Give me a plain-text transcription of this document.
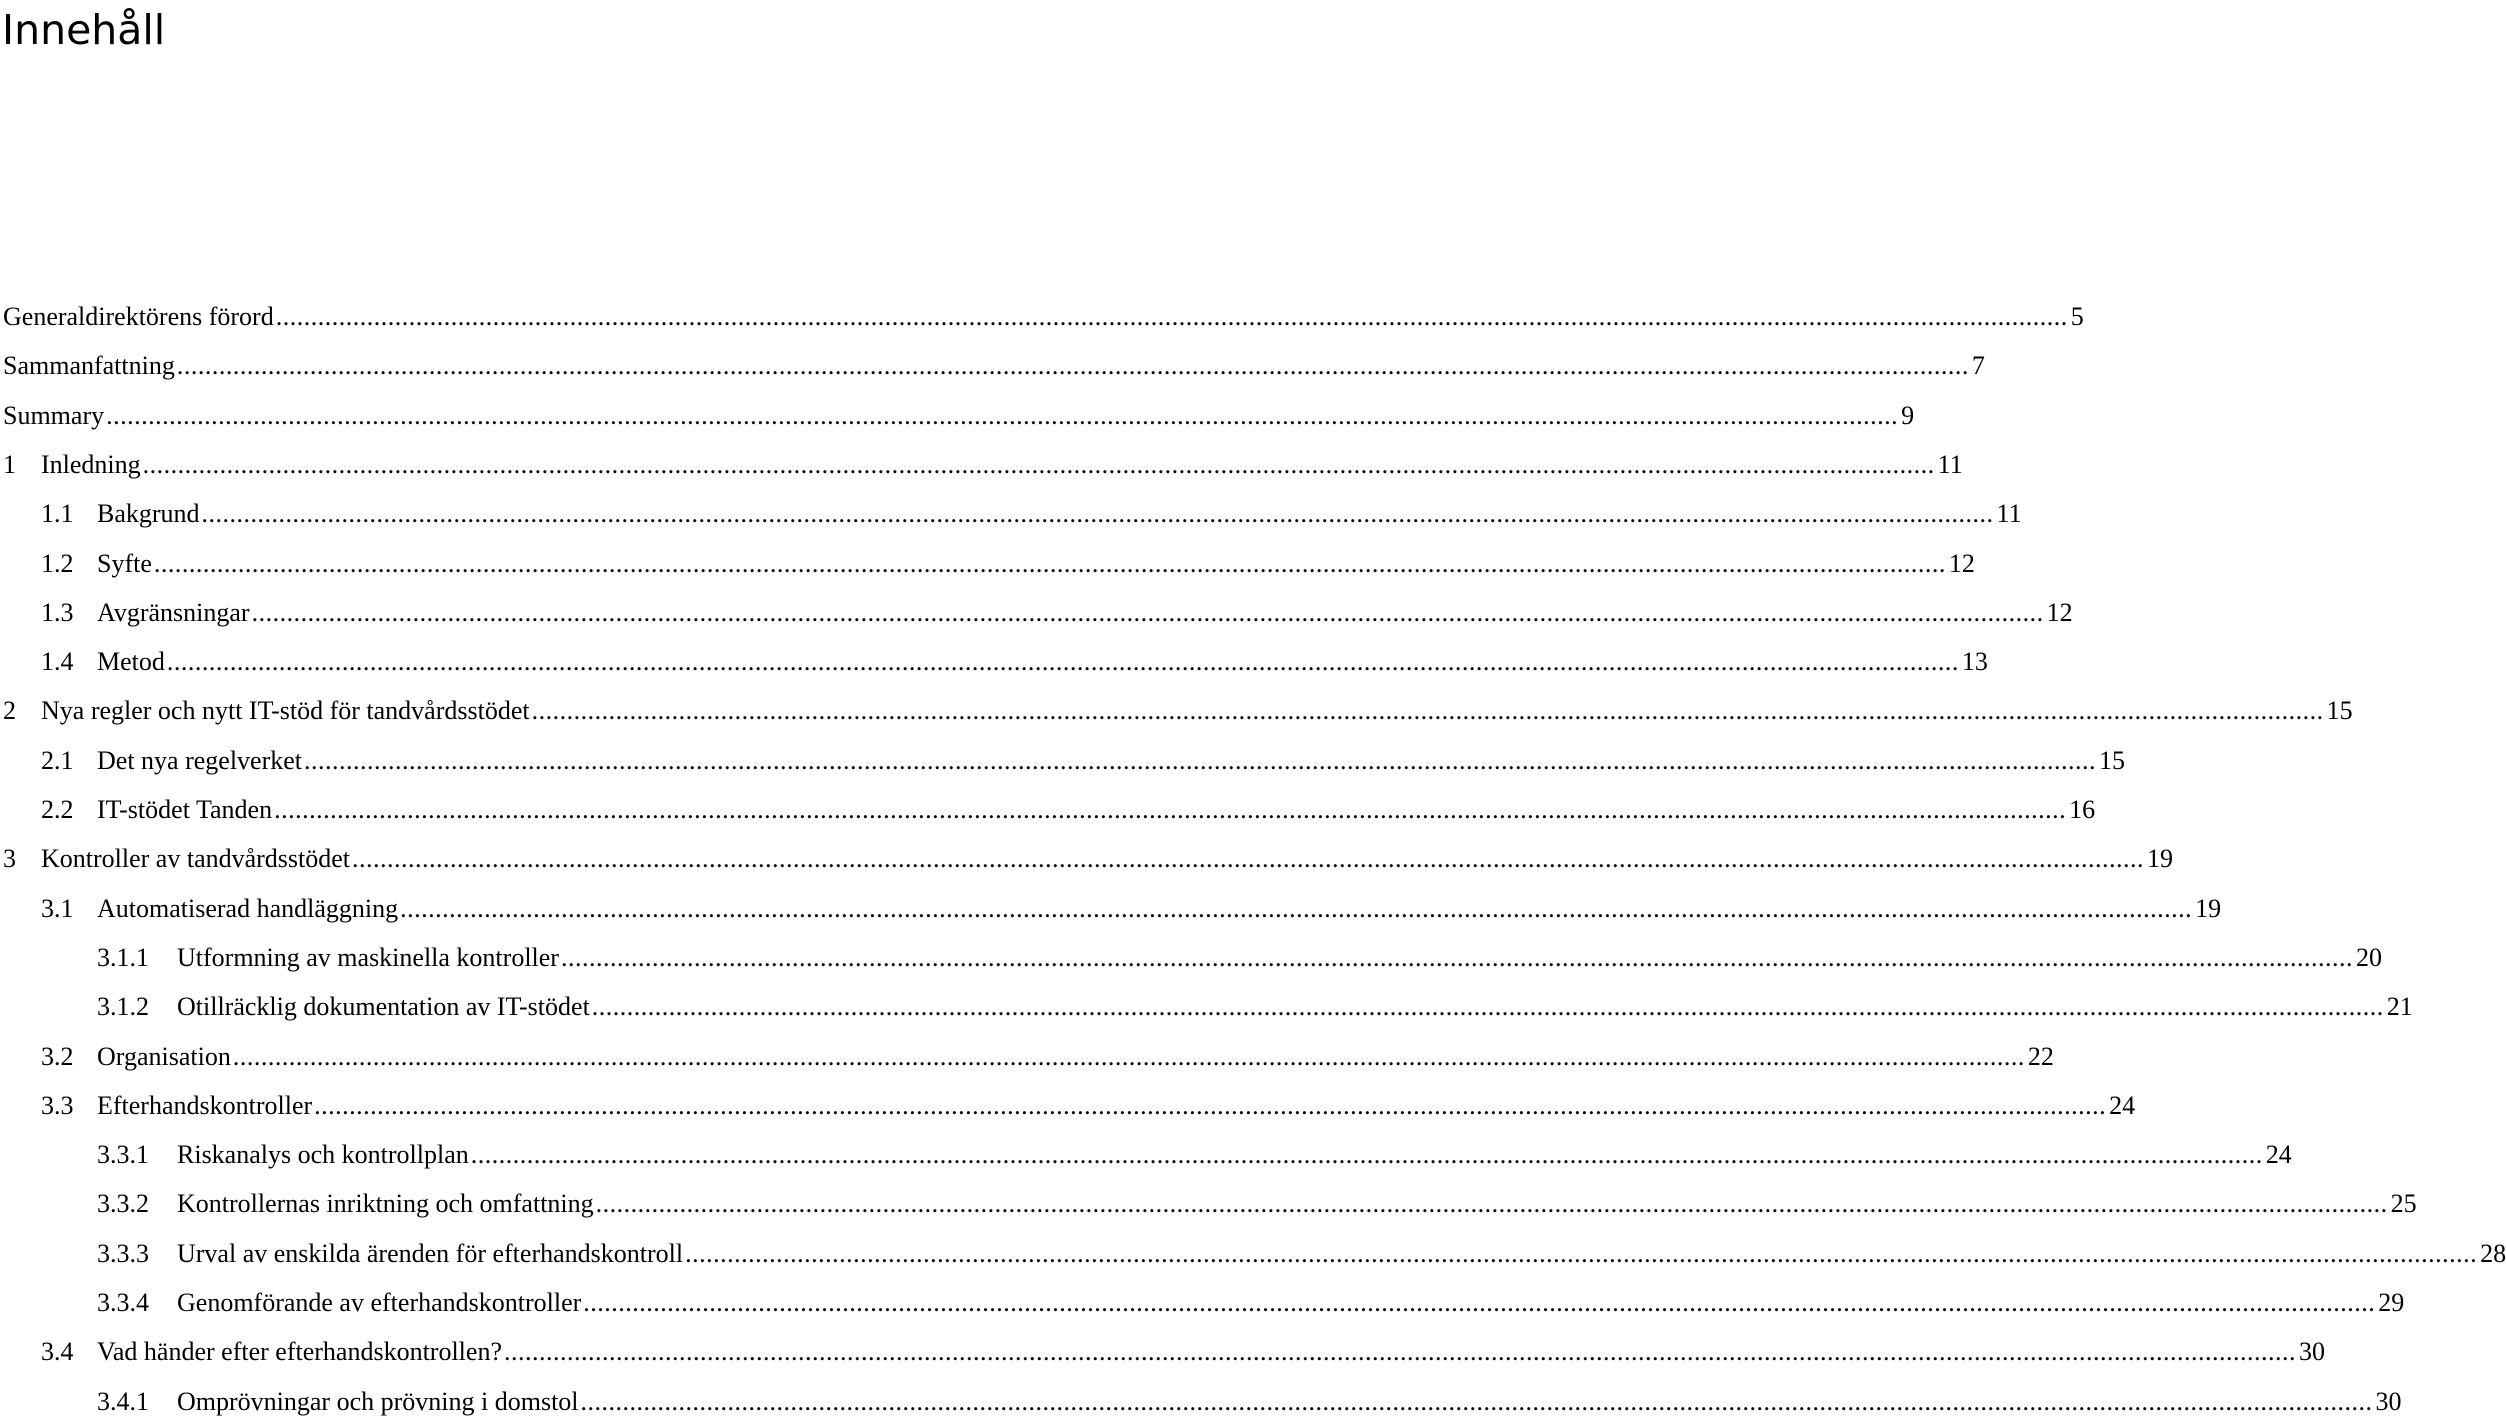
Innehåll
Generaldirektörens förord .....	5
Sammanfattning .....	7
Summary .....	9
1 Inledning .....	11
1.1 Bakgrund .....	11
1.2 Syfte .....	12
1.3 Avgränsningar .....	12
1.4 Metod .....	13
2 Nya regler och nytt IT-stöd för tandvårdsstödet .....	15
2.1 Det nya regelverket .....	15
2.2 IT-stödet Tanden .....	16
3 Kontroller av tandvårdsstödet .....	19
3.1 Automatiserad handläggning .....	19
3.1.1	Utformning av maskinella kontroller .....	20
3.1.2	Otillräcklig dokumentation av IT-stödet .....	21
3.2 Organisation .....	22
3.3 Efterhandskontroller .....	24
3.3.1	Riskanalys och kontrollplan .....	24
3.3.2	Kontrollernas inriktning och omfattning .....	25
3.3.3	Urval av enskilda ärenden för efterhandskontroll .....	28
3.3.4	Genomförande av efterhandskontroller .....	29
3.4 Vad händer efter efterhandskontrollen? .....	30
3.4.1	Omprövningar och prövning i domstol .....	30
